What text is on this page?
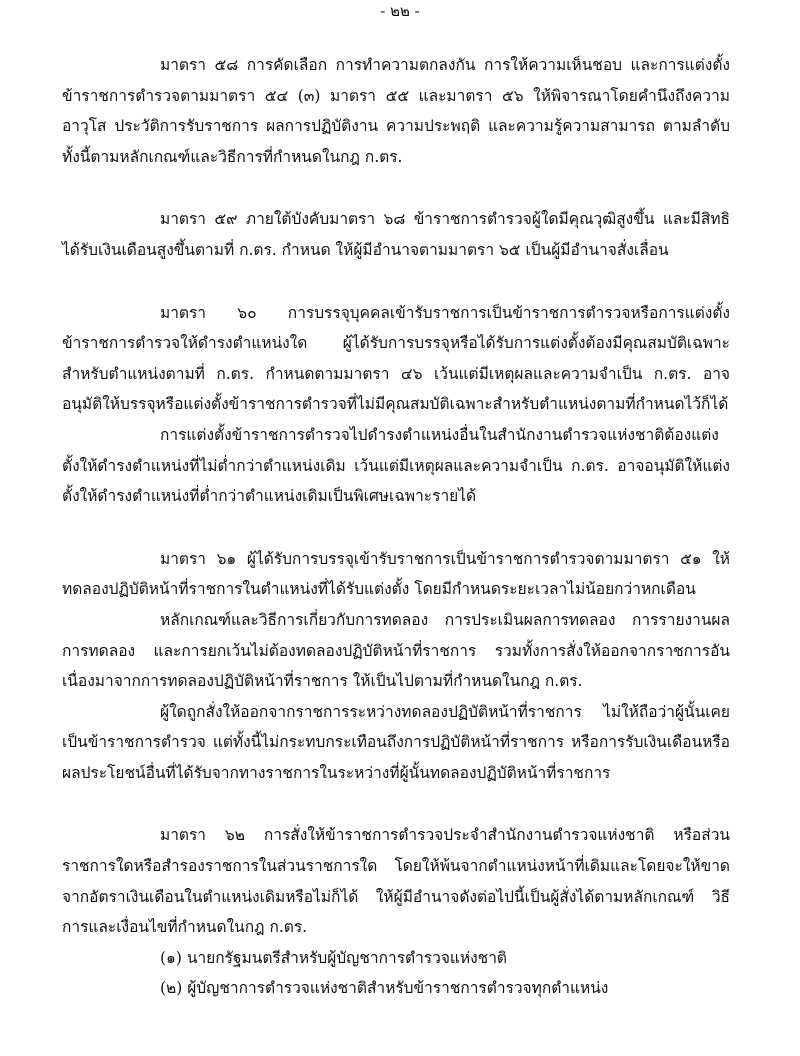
- ๒๒ -

มาตรา ๕๘ การคัดเลือก การทำความตกลงกัน การให้ความเห็นชอบ และการแต่งตั้งข้าราชการตำรวจตามมาตรา ๕๔ (๓) มาตรา ๕๕ และมาตรา ๕๖ ให้พิจารณาโดยคำนึงถึงความอาวุโส ประวัติการรับราชการ ผลการปฏิบัติงาน ความประพฤติ และความรู้ความสามารถ ตามลำดับ ทั้งนี้ตามหลักเกณฑ์และวิธีการที่กำหนดในกฎ ก.ตร.

มาตรา ๕๙ ภายใต้บังคับมาตรา ๖๘ ข้าราชการตำรวจผู้ใดมีคุณวุฒิสูงขึ้น และมีสิทธิได้รับเงินเดือนสูงขึ้นตามที่ ก.ตร. กำหนด ให้ผู้มีอำนาจตามมาตรา ๖๕ เป็นผู้มีอำนาจสั่งเลื่อน

มาตรา ๖๐ การบรรจุบุคคลเข้ารับราชการเป็นข้าราชการตำรวจหรือการแต่งตั้งข้าราชการตำรวจให้ดำรงตำแหน่งใด ผู้ได้รับการบรรจุหรือได้รับการแต่งตั้งต้องมีคุณสมบัติเฉพาะสำหรับตำแหน่งตามที่ ก.ตร. กำหนดตามมาตรา ๔๖ เว้นแต่มีเหตุผลและความจำเป็น ก.ตร. อาจอนุมัติให้บรรจุหรือแต่งตั้งข้าราชการตำรวจที่ไม่มีคุณสมบัติเฉพาะสำหรับตำแหน่งตามที่กำหนดไว้ก็ได้

การแต่งตั้งข้าราชการตำรวจไปดำรงตำแหน่งอื่นในสำนักงานตำรวจแห่งชาติต้องแต่งตั้งให้ดำรงตำแหน่งที่ไม่ต่ำกว่าตำแหน่งเดิม เว้นแต่มีเหตุผลและความจำเป็น ก.ตร. อาจอนุมัติให้แต่งตั้งให้ดำรงตำแหน่งที่ต่ำกว่าตำแหน่งเดิมเป็นพิเศษเฉพาะรายได้

มาตรา ๖๑ ผู้ได้รับการบรรจุเข้ารับราชการเป็นข้าราชการตำรวจตามมาตรา ๕๑ ให้ทดลองปฏิบัติหน้าที่ราชการในตำแหน่งที่ได้รับแต่งตั้ง โดยมีกำหนดระยะเวลาไม่น้อยกว่าหกเดือน

หลักเกณฑ์และวิธีการเกี่ยวกับการทดลอง การประเมินผลการทดลอง การรายงานผลการทดลอง และการยกเว้นไม่ต้องทดลองปฏิบัติหน้าที่ราชการ รวมทั้งการสั่งให้ออกจากราชการอันเนื่องมาจากการทดลองปฏิบัติหน้าที่ราชการ ให้เป็นไปตามที่กำหนดในกฎ ก.ตร.

ผู้ใดถูกสั่งให้ออกจากราชการระหว่างทดลองปฏิบัติหน้าที่ราชการ ไม่ให้ถือว่าผู้นั้นเคยเป็นข้าราชการตำรวจ แต่ทั้งนี้ไม่กระทบกระเทือนถึงการปฏิบัติหน้าที่ราชการ หรือการรับเงินเดือนหรือผลประโยชน์อื่นที่ได้รับจากทางราชการในระหว่างที่ผู้นั้นทดลองปฏิบัติหน้าที่ราชการ

มาตรา ๖๒ การสั่งให้ข้าราชการตำรวจประจำสำนักงานตำรวจแห่งชาติ หรือส่วนราชการใดหรือสำรองราชการในส่วนราชการใด โดยให้พ้นจากตำแหน่งหน้าที่เดิมและโดยจะให้ขาดจากอัตราเงินเดือนในตำแหน่งเดิมหรือไม่ก็ได้ ให้ผู้มีอำนาจดังต่อไปนี้เป็นผู้สั่งได้ตามหลักเกณฑ์ วิธีการและเงื่อนไขที่กำหนดในกฎ ก.ตร.

(๑) นายกรัฐมนตรีสำหรับผู้บัญชาการตำรวจแห่งชาติ

(๒) ผู้บัญชาการตำรวจแห่งชาติสำหรับข้าราชการตำรวจทุกตำแหน่ง
